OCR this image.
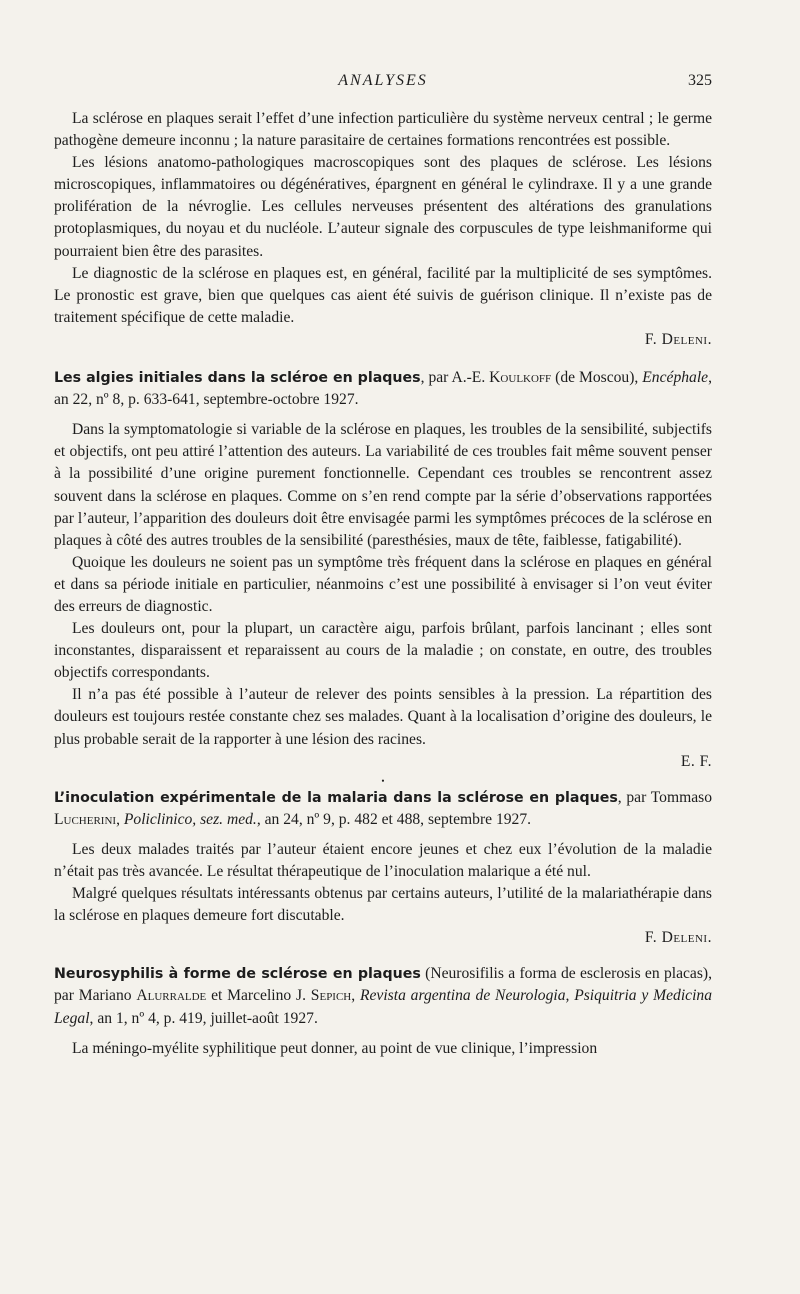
ANALYSES	325

La sclérose en plaques serait l’effet d’une infection particulière du système nerveux central ; le germe pathogène demeure inconnu ; la nature parasitaire de certaines formations rencontrées est possible.

Les lésions anatomo-pathologiques macroscopiques sont des plaques de sclérose. Les lésions microscopiques, inflammatoires ou dégénératives, épargnent en général le cylindraxe. Il y a une grande prolifération de la névroglie. Les cellules nerveuses présentent des altérations des granulations protoplasmiques, du noyau et du nucléole. L’auteur signale des corpuscules de type leishmaniforme qui pourraient bien être des parasites.

Le diagnostic de la sclérose en plaques est, en général, facilité par la multiplicité de ses symptômes. Le pronostic est grave, bien que quelques cas aient été suivis de guérison clinique. Il n’existe pas de traitement spécifique de cette maladie.

F. Deleni.

Les algies initiales dans la scléroe en plaques, par A.-E. Koulkoff (de Moscou), Encéphale, an 22, nº 8, p. 633-641, septembre-octobre 1927.

Dans la symptomatologie si variable de la sclérose en plaques, les troubles de la sensibilité, subjectifs et objectifs, ont peu attiré l’attention des auteurs. La variabilité de ces troubles fait même souvent penser à la possibilité d’une origine purement fonctionnelle. Cependant ces troubles se rencontrent assez souvent dans la sclérose en plaques. Comme on s’en rend compte par la série d’observations rapportées par l’auteur, l’apparition des douleurs doit être envisagée parmi les symptômes précoces de la sclérose en plaques à côté des autres troubles de la sensibilité (paresthésies, maux de tête, faiblesse, fatigabilité).

Quoique les douleurs ne soient pas un symptôme très fréquent dans la sclérose en plaques en général et dans sa période initiale en particulier, néanmoins c’est une possibilité à envisager si l’on veut éviter des erreurs de diagnostic.

Les douleurs ont, pour la plupart, un caractère aigu, parfois brûlant, parfois lancinant ; elles sont inconstantes, disparaissent et reparaissent au cours de la maladie ; on constate, en outre, des troubles objectifs correspondants.

Il n’a pas été possible à l’auteur de relever des points sensibles à la pression. La répartition des douleurs est toujours restée constante chez ses malades. Quant à la localisation d’origine des douleurs, le plus probable serait de la rapporter à une lésion des racines.

E. F.

•

L’inoculation expérimentale de la malaria dans la sclérose en plaques, par Tommaso Lucherini, Policlinico, sez. med., an 24, nº 9, p. 482 et 488, septembre 1927.

Les deux malades traités par l’auteur étaient encore jeunes et chez eux l’évolution de la maladie n’était pas très avancée. Le résultat thérapeutique de l’inoculation malarique a été nul.

Malgré quelques résultats intéressants obtenus par certains auteurs, l’utilité de la malariathérapie dans la sclérose en plaques demeure fort discutable.

F. Deleni.

Neurosyphilis à forme de sclérose en plaques (Neurosifilis a forma de esclerosis en placas), par Mariano Alurralde et Marcelino J. Sepich, Revista argentina de Neurologia, Psiquitria y Medicina Legal, an 1, nº 4, p. 419, juillet-août 1927.

La méningo-myélite syphilitique peut donner, au point de vue clinique, l’impression
